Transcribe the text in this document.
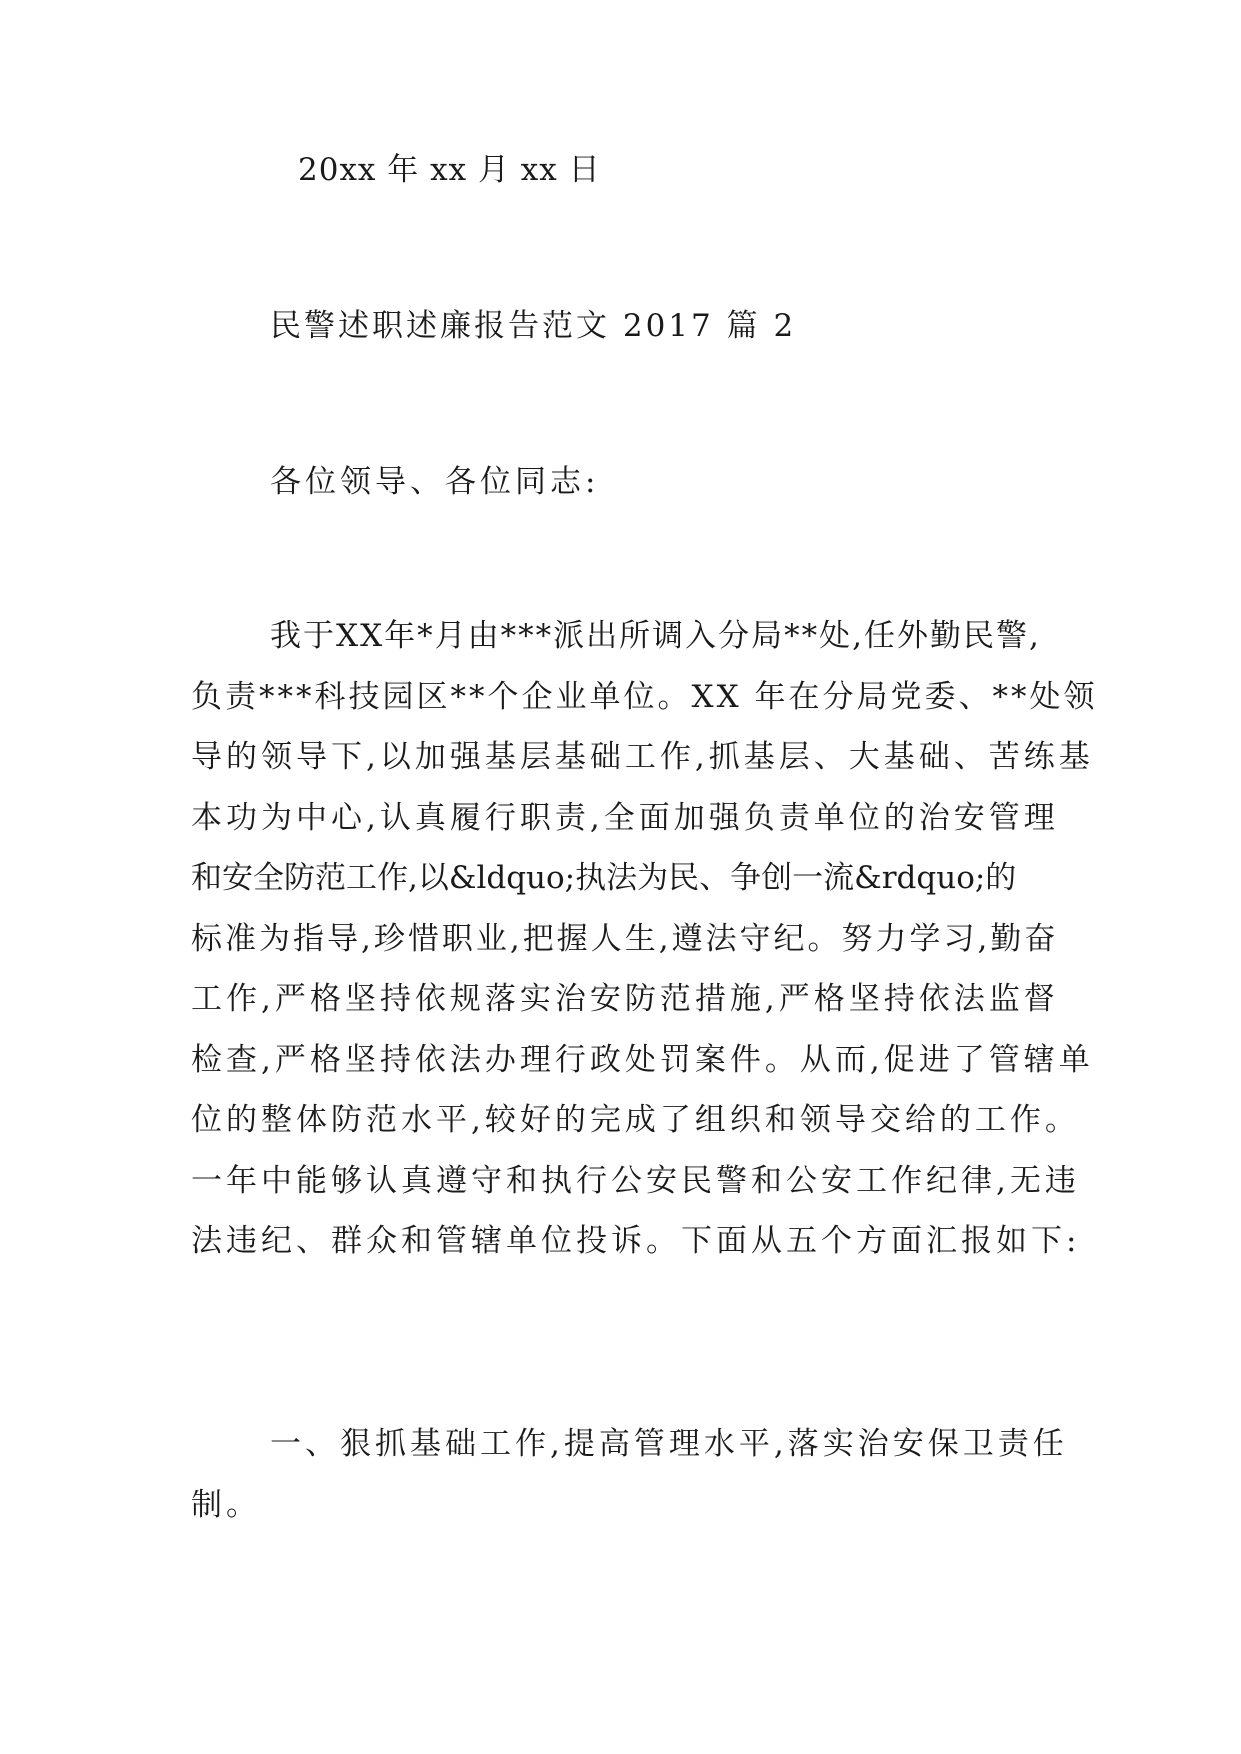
20xx 年 xx 月 xx 日
民警述职述廉报告范文 2017 篇 2
各位领导、各位同志:
我于XX年*月由***派出所调入分局**处,任外勤民警,
负责***科技园区**个企业单位。XX 年在分局党委、**处领
导的领导下,以加强基层基础工作,抓基层、大基础、苦练基
本功为中心,认真履行职责,全面加强负责单位的治安管理
和安全防范工作,以&ldquo;执法为民、争创一流&rdquo;的
标准为指导,珍惜职业,把握人生,遵法守纪。努力学习,勤奋
工作,严格坚持依规落实治安防范措施,严格坚持依法监督
检查,严格坚持依法办理行政处罚案件。从而,促进了管辖单
位的整体防范水平,较好的完成了组织和领导交给的工作。
一年中能够认真遵守和执行公安民警和公安工作纪律,无违
法违纪、群众和管辖单位投诉。下面从五个方面汇报如下:
一、狠抓基础工作,提高管理水平,落实治安保卫责任
制。
